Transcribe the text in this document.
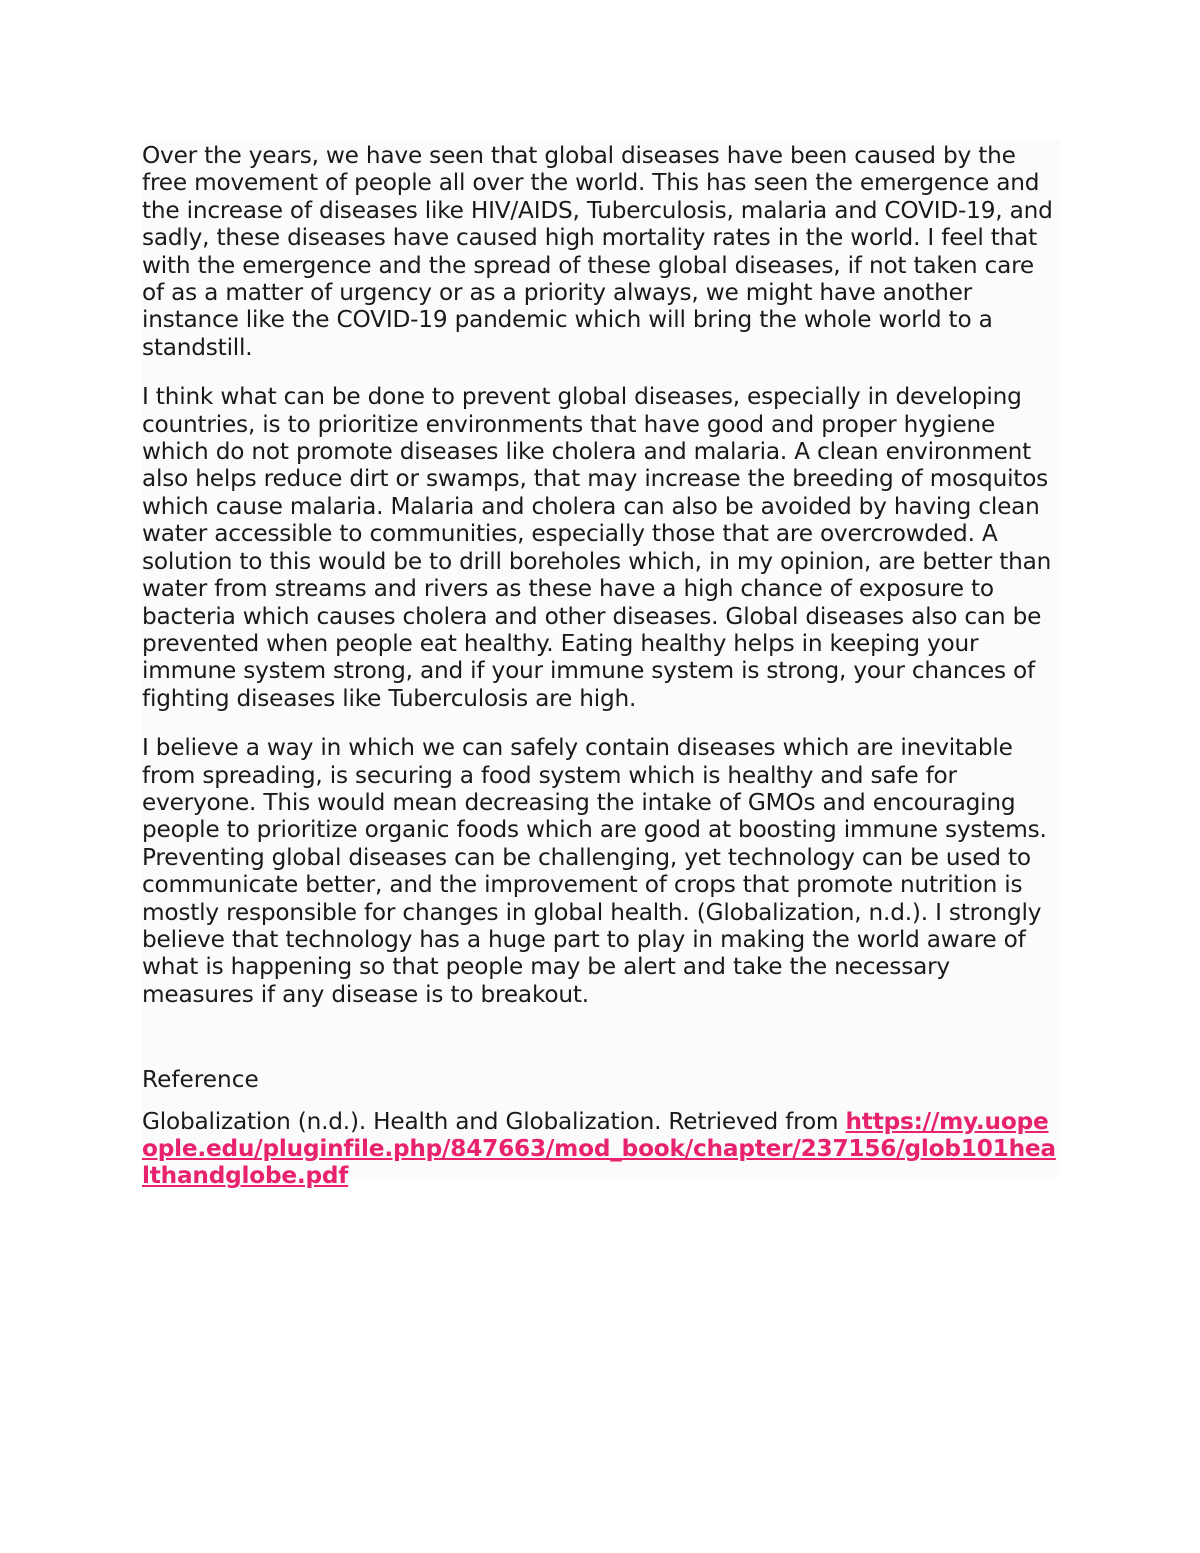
Over the years, we have seen that global diseases have been caused by the free movement of people all over the world. This has seen the emergence and the increase of diseases like HIV/AIDS, Tuberculosis, malaria and COVID-19, and sadly, these diseases have caused high mortality rates in the world. I feel that with the emergence and the spread of these global diseases, if not taken care of as a matter of urgency or as a priority always, we might have another instance like the COVID-19 pandemic which will bring the whole world to a standstill.

I think what can be done to prevent global diseases, especially in developing countries, is to prioritize environments that have good and proper hygiene which do not promote diseases like cholera and malaria. A clean environment also helps reduce dirt or swamps, that may increase the breeding of mosquitos which cause malaria. Malaria and cholera can also be avoided by having clean water accessible to communities, especially those that are overcrowded. A solution to this would be to drill boreholes which, in my opinion, are better than water from streams and rivers as these have a high chance of exposure to bacteria which causes cholera and other diseases. Global diseases also can be prevented when people eat healthy. Eating healthy helps in keeping your immune system strong, and if your immune system is strong, your chances of fighting diseases like Tuberculosis are high.

I believe a way in which we can safely contain diseases which are inevitable from spreading, is securing a food system which is healthy and safe for everyone. This would mean decreasing the intake of GMOs and encouraging people to prioritize organic foods which are good at boosting immune systems. Preventing global diseases can be challenging, yet technology can be used to communicate better, and the improvement of crops that promote nutrition is mostly responsible for changes in global health. (Globalization, n.d.). I strongly believe that technology has a huge part to play in making the world aware of what is happening so that people may be alert and take the necessary measures if any disease is to breakout.

Reference

Globalization (n.d.). Health and Globalization. Retrieved from https://my.uopeople.edu/pluginfile.php/847663/mod_book/chapter/237156/glob101healthandglobe.pdf
